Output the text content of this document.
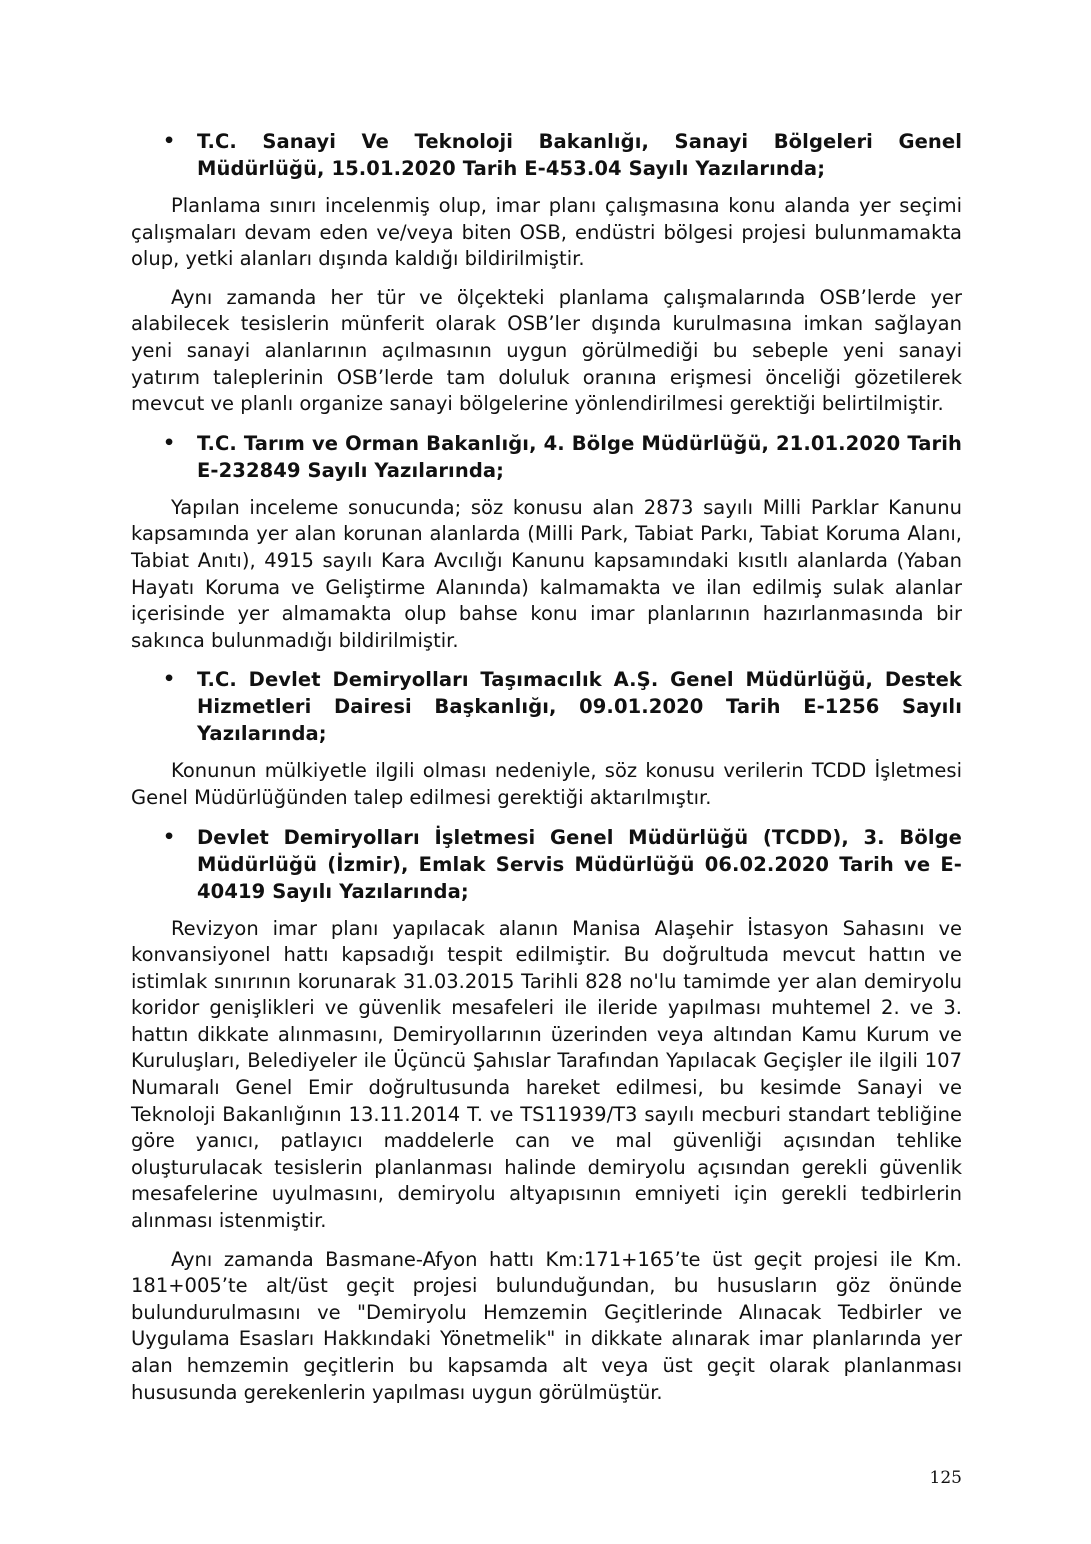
• T.C. Sanayi Ve Teknoloji Bakanlığı, Sanayi Bölgeleri Genel Müdürlüğü, 15.01.2020 Tarih E-453.04 Sayılı Yazılarında;

Planlama sınırı incelenmiş olup, imar planı çalışmasına konu alanda yer seçimi çalışmaları devam eden ve/veya biten OSB, endüstri bölgesi projesi bulunmamakta olup, yetki alanları dışında kaldığı bildirilmiştir.

Aynı zamanda her tür ve ölçekteki planlama çalışmalarında OSB’lerde yer alabilecek tesislerin münferit olarak OSB’ler dışında kurulmasına imkan sağlayan yeni sanayi alanlarının açılmasının uygun görülmediği bu sebeple yeni sanayi yatırım taleplerinin OSB’lerde tam doluluk oranına erişmesi önceliği gözetilerek mevcut ve planlı organize sanayi bölgelerine yönlendirilmesi gerektiği belirtilmiştir.

• T.C. Tarım ve Orman Bakanlığı, 4. Bölge Müdürlüğü, 21.01.2020 Tarih E-232849 Sayılı Yazılarında;

Yapılan inceleme sonucunda; söz konusu alan 2873 sayılı Milli Parklar Kanunu kapsamında yer alan korunan alanlarda (Milli Park, Tabiat Parkı, Tabiat Koruma Alanı, Tabiat Anıtı), 4915 sayılı Kara Avcılığı Kanunu kapsamındaki kısıtlı alanlarda (Yaban Hayatı Koruma ve Geliştirme Alanında) kalmamakta ve ilan edilmiş sulak alanlar içerisinde yer almamakta olup bahse konu imar planlarının hazırlanmasında bir sakınca bulunmadığı bildirilmiştir.

• T.C. Devlet Demiryolları Taşımacılık A.Ş. Genel Müdürlüğü, Destek Hizmetleri Dairesi Başkanlığı, 09.01.2020 Tarih E-1256 Sayılı Yazılarında;

Konunun mülkiyetle ilgili olması nedeniyle, söz konusu verilerin TCDD İşletmesi Genel Müdürlüğünden talep edilmesi gerektiği aktarılmıştır.

• Devlet Demiryolları İşletmesi Genel Müdürlüğü (TCDD), 3. Bölge Müdürlüğü (İzmir), Emlak Servis Müdürlüğü 06.02.2020 Tarih ve E-40419 Sayılı Yazılarında;

Revizyon imar planı yapılacak alanın Manisa Alaşehir İstasyon Sahasını ve konvansiyonel hattı kapsadığı tespit edilmiştir. Bu doğrultuda mevcut hattın ve istimlak sınırının korunarak 31.03.2015 Tarihli 828 no'lu tamimde yer alan demiryolu koridor genişlikleri ve güvenlik mesafeleri ile ileride yapılması muhtemel 2. ve 3. hattın dikkate alınmasını, Demiryollarının üzerinden veya altından Kamu Kurum ve Kuruluşları, Belediyeler ile Üçüncü Şahıslar Tarafından Yapılacak Geçişler ile ilgili 107 Numaralı Genel Emir doğrultusunda hareket edilmesi, bu kesimde Sanayi ve Teknoloji Bakanlığının 13.11.2014 T. ve TS11939/T3 sayılı mecburi standart tebliğine göre yanıcı, patlayıcı maddelerle can ve mal güvenliği açısından tehlike oluşturulacak tesislerin planlanması halinde demiryolu açısından gerekli güvenlik mesafelerine uyulmasını, demiryolu altyapısının emniyeti için gerekli tedbirlerin alınması istenmiştir.

Aynı zamanda Basmane-Afyon hattı Km:171+165’te üst geçit projesi ile Km. 181+005’te alt/üst geçit projesi bulunduğundan, bu hususların göz önünde bulundurulmasını ve "Demiryolu Hemzemin Geçitlerinde Alınacak Tedbirler ve Uygulama Esasları Hakkındaki Yönetmelik" in dikkate alınarak imar planlarında yer alan hemzemin geçitlerin bu kapsamda alt veya üst geçit olarak planlanması hususunda gerekenlerin yapılması uygun görülmüştür.

125
